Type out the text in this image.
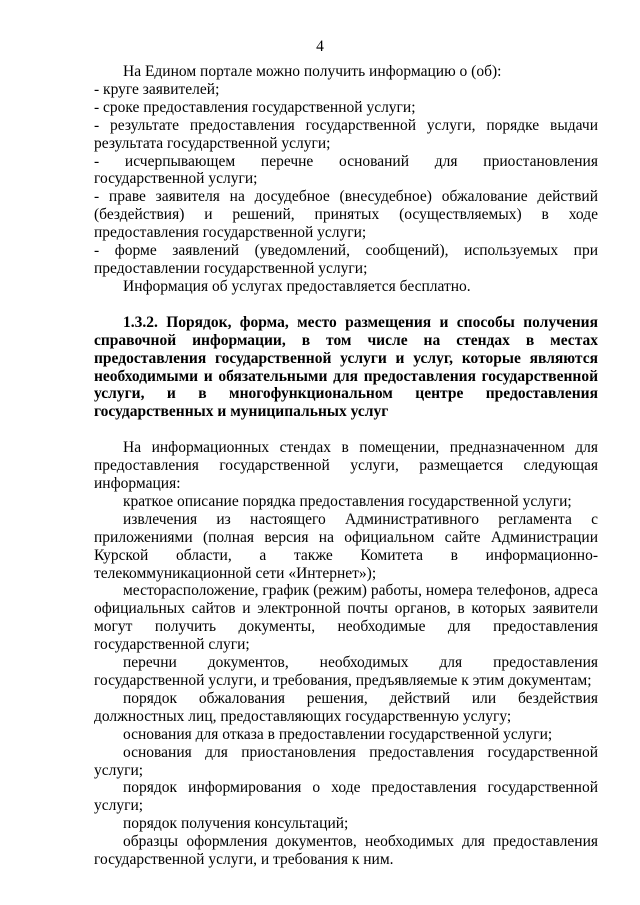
4

На Едином портале можно получить информацию о (об):

- круге заявителей;

- сроке предоставления государственной услуги;

- результате предоставления государственной услуги, порядке выдачи результата государственной услуги;

- исчерпывающем перечне оснований для приостановления государственной услуги;

- праве заявителя на досудебное (внесудебное) обжалование действий (бездействия) и решений, принятых (осуществляемых) в ходе предоставления государственной услуги;

- форме заявлений (уведомлений, сообщений), используемых при предоставлении государственной услуги;

Информация об услугах предоставляется бесплатно.

1.3.2. Порядок, форма, место размещения и способы получения справочной информации, в том числе на стендах в местах предоставления государственной услуги и услуг, которые являются необходимыми и обязательными для предоставления государственной услуги, и в многофункциональном центре предоставления государственных и муниципальных услуг

На информационных стендах в помещении, предназначенном для предоставления государственной услуги, размещается следующая информация:

краткое описание порядка предоставления государственной услуги;

извлечения из настоящего Административного регламента с приложениями (полная версия на официальном сайте Администрации Курской области, а также Комитета в информационно-телекоммуникационной сети «Интернет»);

месторасположение, график (режим) работы, номера телефонов, адреса официальных сайтов и электронной почты органов, в которых заявители могут получить документы, необходимые для предоставления государственной слуги;

перечни документов, необходимых для предоставления государственной услуги, и требования, предъявляемые к этим документам;

порядок обжалования решения, действий или бездействия должностных лиц, предоставляющих государственную услугу;

основания для отказа в предоставлении государственной услуги;

основания для приостановления предоставления государственной услуги;

порядок информирования о ходе предоставления государственной услуги;

порядок получения консультаций;

образцы оформления документов, необходимых для предоставления государственной услуги, и требования к ним.
